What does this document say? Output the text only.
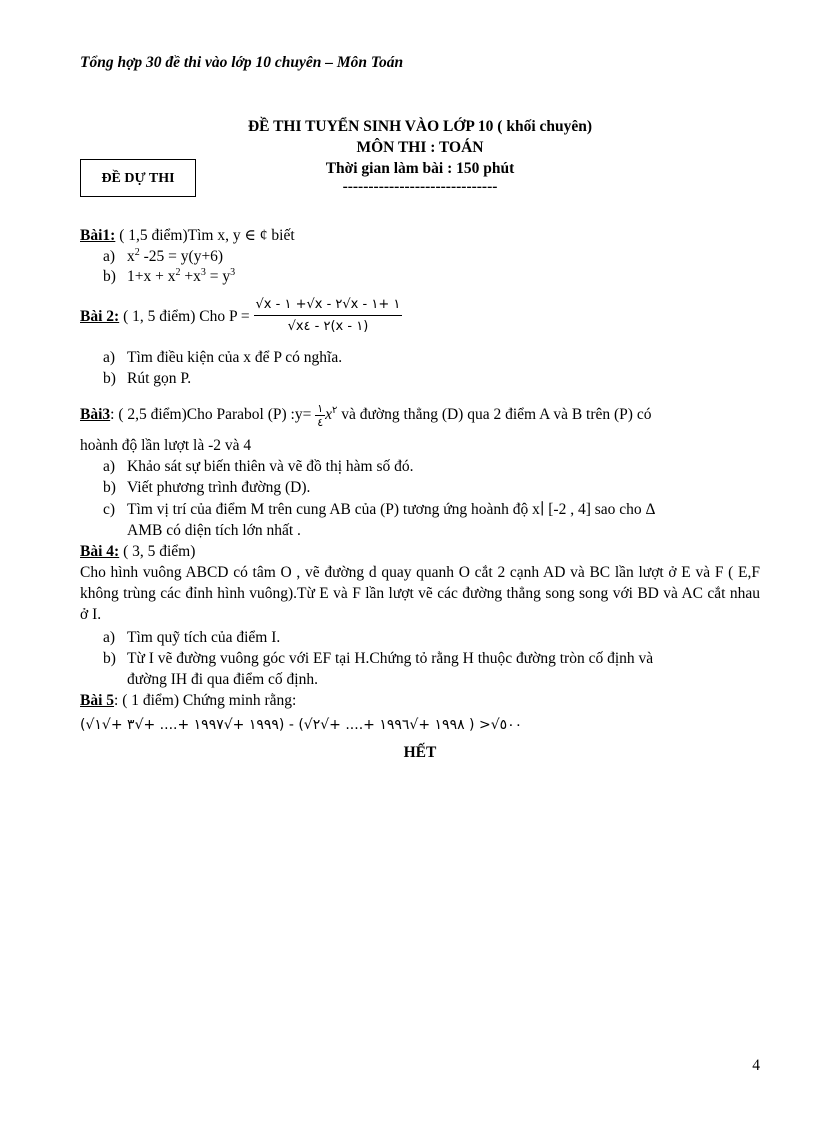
Tổng hợp 30 đề thi vào lớp 10 chuyên – Môn Toán
ĐỀ THI TUYỂN SINH VÀO LỚP 10 ( khối chuyên)
MÔN THI : TOÁN
Thời gian làm bài : 150 phút
------------------------------
ĐỀ DỰ THI
Bài1: ( 1,5 điểm)Tìm x, y ∈ ¢ biết
a) $x^2$ -25 = y(y+6)
b) $1+x + x^2 +x^3 = y^3$
Bài 2: ( 1, 5 điểm) Cho $P = \frac{√x - ١ +√x - ٢√x - ١ +١}{√x٢ - ٤(x - ١)}$
a) Tìm điều kiện của x để P có nghĩa.
b) Rút gọn P.
Bài3: ( 2,5 điểm)Cho Parabol (P) :y= $\frac{١}{٤} x^٢$ và đường thẳng (D) qua 2 điểm A và B trên (P) có
hoành độ lần lượt là -2 và 4
a) Khảo sát sự biến thiên và vẽ đồ thị hàm số đó.
b) Viết phương trình đường (D).
c) Tìm vị trí của điểm M trên cung AB của (P) tương ứng hoành độ x∣ [-2 , 4] sao cho Δ
AMB có diện tích lớn nhất .
Bài 4: ( 3, 5 điểm)
Cho hình vuông ABCD có tâm O , vẽ đường d quay quanh O cắt 2 cạnh AD và BC lần lượt ở E và F ( E,F không trùng các đỉnh hình vuông).Từ E và F lần lượt vẽ các đường thẳng song song với BD và AC cắt nhau ở I.
a) Tìm quỹ tích của điểm I.
b) Từ I vẽ đường vuông góc với EF tại H.Chứng tỏ rằng H thuộc đường tròn cố định và
đường IH đi qua điểm cố định.
Bài 5: ( 1 điểm) Chứng minh rằng:
(√١٩٩٩ +√١٩٩٧ +.... +√٣ +√١) - (√١٩٩٨ +√١٩٩٦ +.... +√٢ ) >√٥٠٠
HẾT
4
